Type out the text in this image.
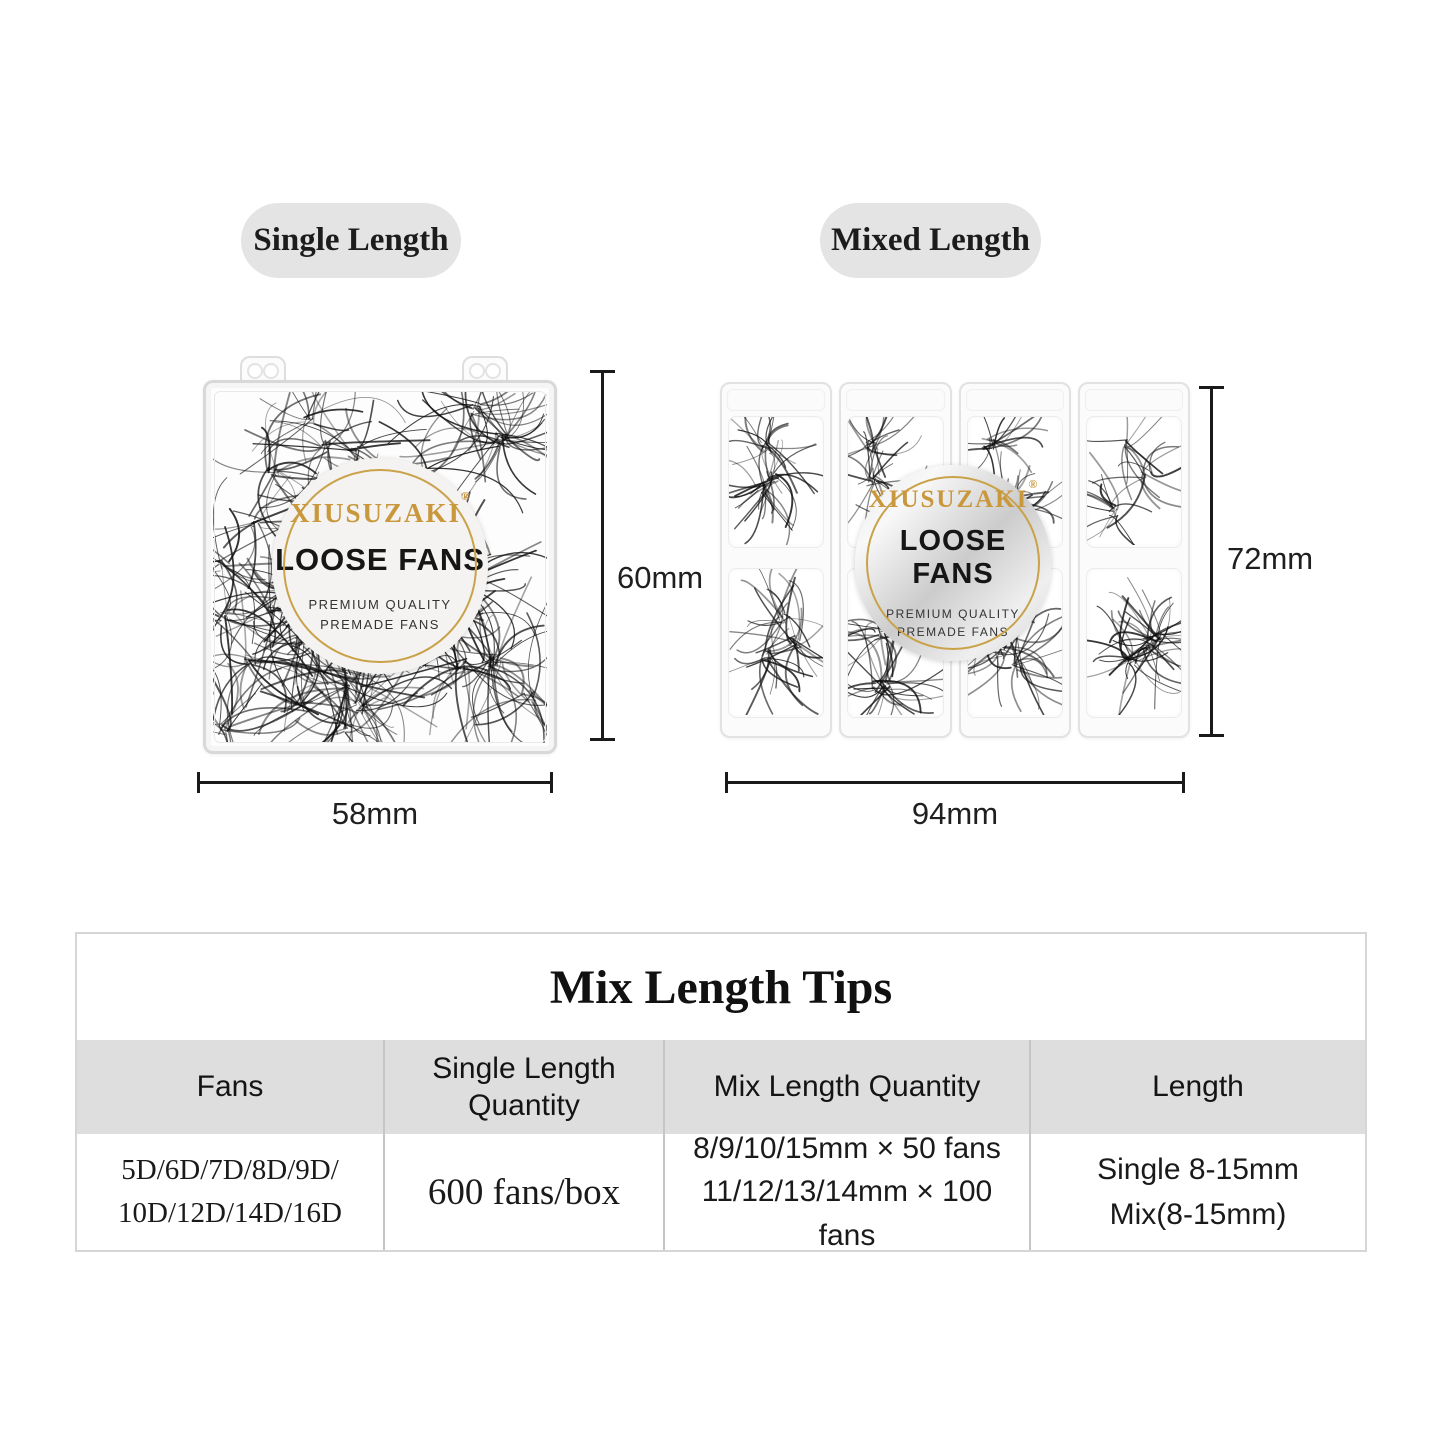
Single Length	Mixed Length
XIUSUZAKI®
LOOSE FANS
PREMIUM QUALITY
PREMADE FANS
60mm
58mm
XIUSUZAKI®
LOOSE FANS
PREMIUM QUALITY
PREMADE FANS
72mm
94mm
Mix Length Tips
Fans
Single Length Quantity
Mix Length Quantity	Length
5D/6D/7D/8D/9D/
10D/12D/14D/16D
600 fans/box
8/9/10/15mm × 50 fans
11/12/13/14mm × 100 fans
Single 8-15mm
Mix(8-15mm)
